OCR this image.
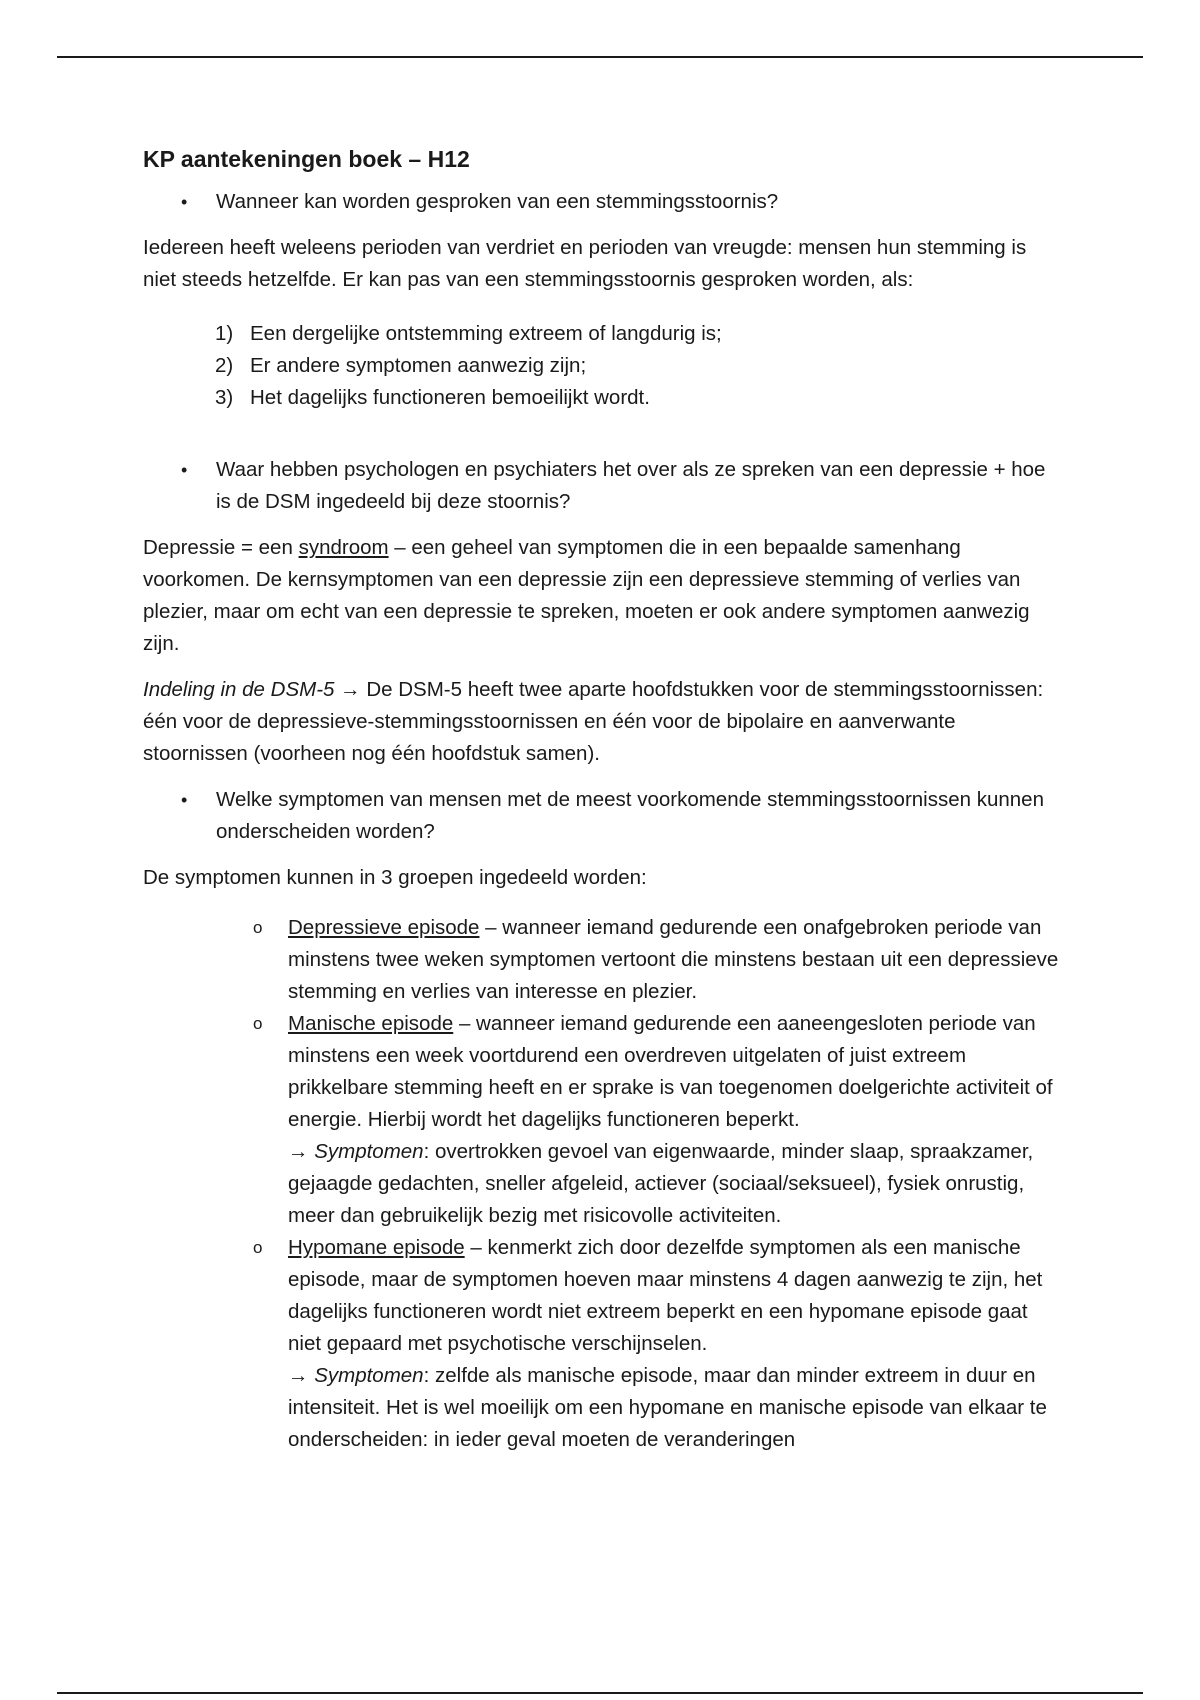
KP aantekeningen boek – H12
• Wanneer kan worden gesproken van een stemmingsstoornis?

Iedereen heeft weleens perioden van verdriet en perioden van vreugde: mensen hun stemming is niet steeds hetzelfde. Er kan pas van een stemmingsstoornis gesproken worden, als:

1) Een dergelijke ontstemming extreem of langdurig is;
2) Er andere symptomen aanwezig zijn;
3) Het dagelijks functioneren bemoeilijkt wordt.
• Waar hebben psychologen en psychiaters het over als ze spreken van een depressie + hoe is de DSM ingedeeld bij deze stoornis?

Depressie = een syndroom – een geheel van symptomen die in een bepaalde samenhang voorkomen. De kernsymptomen van een depressie zijn een depressieve stemming of verlies van plezier, maar om echt van een depressie te spreken, moeten er ook andere symptomen aanwezig zijn.

Indeling in de DSM-5 → De DSM-5 heeft twee aparte hoofdstukken voor de stemmingsstoornissen: één voor de depressieve-stemmingsstoornissen en één voor de bipolaire en aanverwante stoornissen (voorheen nog één hoofdstuk samen).

• Welke symptomen van mensen met de meest voorkomende stemmingsstoornissen kunnen onderscheiden worden?

De symptomen kunnen in 3 groepen ingedeeld worden:

o Depressieve episode – wanneer iemand gedurende een onafgebroken periode van minstens twee weken symptomen vertoont die minstens bestaan uit een depressieve stemming en verlies van interesse en plezier.
o Manische episode – wanneer iemand gedurende een aaneengesloten periode van minstens een week voortdurend een overdreven uitgelaten of juist extreem prikkelbare stemming heeft en er sprake is van toegenomen doelgerichte activiteit of energie. Hierbij wordt het dagelijks functioneren beperkt.
→ Symptomen: overtrokken gevoel van eigenwaarde, minder slaap, spraakzamer, gejaagde gedachten, sneller afgeleid, actiever (sociaal/seksueel), fysiek onrustig, meer dan gebruikelijk bezig met risicovolle activiteiten.
o Hypomane episode – kenmerkt zich door dezelfde symptomen als een manische episode, maar de symptomen hoeven maar minstens 4 dagen aanwezig te zijn, het dagelijks functioneren wordt niet extreem beperkt en een hypomane episode gaat niet gepaard met psychotische verschijnselen.
→ Symptomen: zelfde als manische episode, maar dan minder extreem in duur en intensiteit. Het is wel moeilijk om een hypomane en manische episode van elkaar te onderscheiden: in ieder geval moeten de veranderingen
